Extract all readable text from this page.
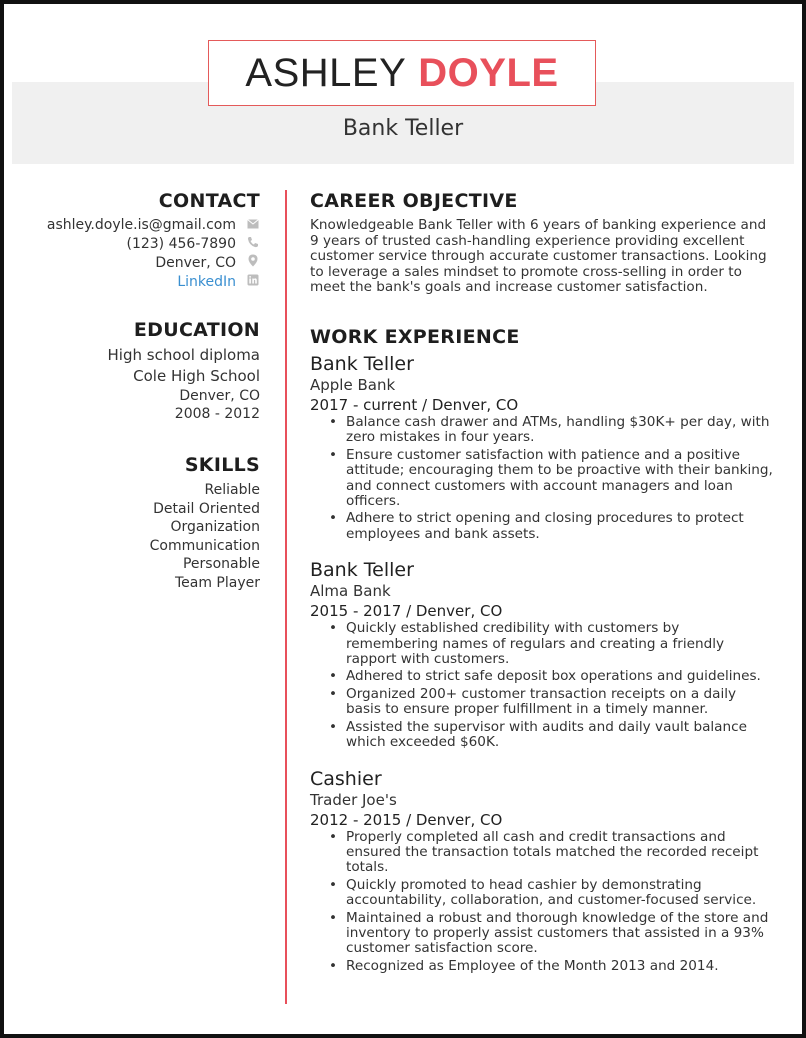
ASHLEY DOYLE
Bank Teller
CONTACT
ashley.doyle.is@gmail.com
(123) 456-7890
Denver, CO
LinkedIn
EDUCATION
High school diploma
Cole High School
Denver, CO
2008 - 2012
SKILLS
Reliable
Detail Oriented
Organization
Communication
Personable
Team Player
CAREER OBJECTIVE
Knowledgeable Bank Teller with 6 years of banking experience and 9 years of trusted cash-handling experience providing excellent customer service through accurate customer transactions. Looking to leverage a sales mindset to promote cross-selling in order to meet the bank's goals and increase customer satisfaction.
WORK EXPERIENCE
Bank Teller
Apple Bank
2017 - current / Denver, CO
• Balance cash drawer and ATMs, handling $30K+ per day, with zero mistakes in four years.
• Ensure customer satisfaction with patience and a positive attitude; encouraging them to be proactive with their banking, and connect customers with account managers and loan officers.
• Adhere to strict opening and closing procedures to protect employees and bank assets.
Bank Teller
Alma Bank
2015 - 2017 / Denver, CO
• Quickly established credibility with customers by remembering names of regulars and creating a friendly rapport with customers.
• Adhered to strict safe deposit box operations and guidelines.
• Organized 200+ customer transaction receipts on a daily basis to ensure proper fulfillment in a timely manner.
• Assisted the supervisor with audits and daily vault balance which exceeded $60K.
Cashier
Trader Joe's
2012 - 2015 / Denver, CO
• Properly completed all cash and credit transactions and ensured the transaction totals matched the recorded receipt totals.
• Quickly promoted to head cashier by demonstrating accountability, collaboration, and customer-focused service.
• Maintained a robust and thorough knowledge of the store and inventory to properly assist customers that assisted in a 93% customer satisfaction score.
• Recognized as Employee of the Month 2013 and 2014.
